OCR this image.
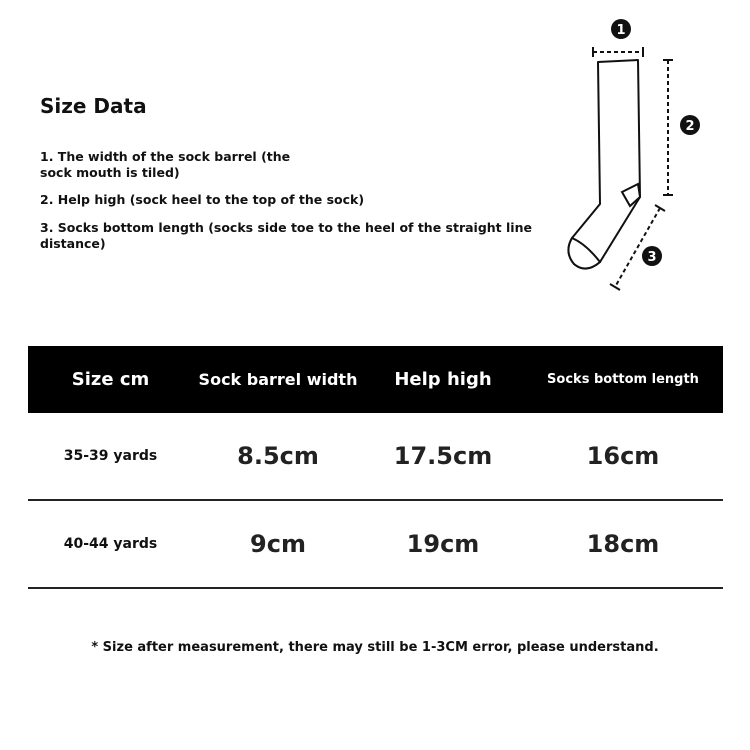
Size Data

1. The width of the sock barrel (the sock mouth is tiled)

2. Help high (sock heel to the top of the sock)

3. Socks bottom length (socks side toe to the heel of the straight line distance)

1
2
3
Size cm	Sock barrel width	Help high	Socks bottom length
35-39 yards	8.5cm	17.5cm	16cm
40-44 yards	9cm	19cm	18cm

* Size after measurement, there may still be 1-3CM error, please understand.
